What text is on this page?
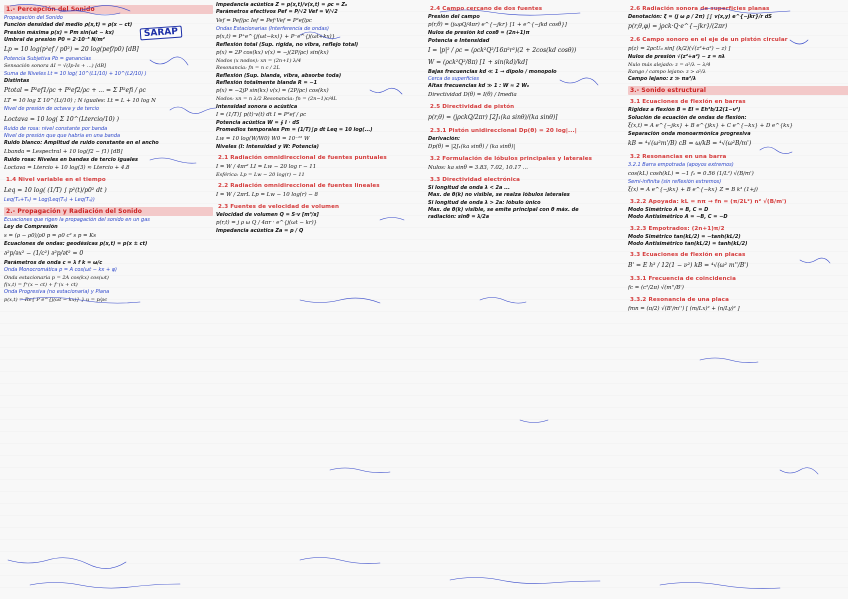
1.- Percepción del Sonido
Propagación del Sonido
Función densidad del medio ρ(x,t) = ρ(x − ct)
Presión máxima p(x) = Pm sin(ωt − kx)
Umbral de presión P0 = 2·10⁻⁵ N/m²
Lp = 10 log(p²ef / p0²) = 20 log(pef/p0) [dB]
Potencia Subjetiva Pb = ganancias
Sensación sonora ΔI = √(Ip·Is + ...) [dB]
Suma de Niveles Lt = 10 log( 10^(L1/10) + 10^(L2/10) )
Distintas
Ptotal = P²ef1/ρc + P²ef2/ρc + ... = Σ P²efi / ρc
LT = 10 log Σ 10^(Li/10) ; N iguales: Lt = L + 10 log N
Nivel de presión de octava y de tercio
Loctava = 10 log( Σ 10^(Ltercio/10) )
Ruido de rosa: nivel constante por banda
Nivel de presión que que habría en una banda
Ruido blanco: Amplitud de ruido constante en el ancho
Lbanda = Lespectral + 10 log(f2 − f1) [dB]
Ruido rosa: Niveles en bandas de tercio iguales
Loctava = Ltercio + 10 log(3) ≈ Ltercio + 4.8
1.4 Nivel variable en el tiempo
Leq = 10 log( (1/T) ∫ p²(t)/p0² dt )
Leq(Tₐ+T₀) = Log(Leq(T₀) + Leq(Tₐ))
2.- Propagación y Radiación del Sonido
Ecuaciones que rigen la propagación del sonido en un gas
Ley de Compresión
s = (ρ − ρ0)/ρ0 p = ρ0 c² s p = Ks
Ecuaciones de ondas: geodésicas p(x,t) = p(x ± ct)
∂²p/∂x² − (1/c²) ∂²p/∂t² = 0
Parámetros de onda c = λ f k = ω/c
Onda Monocromática p = A cos(ωt − kx + φ)
Onda estacionaria p = 2A cos(kx) cos(ωt)
f(x,t) = f⁺(x − ct) + f⁻(x + ct)
Onda Progresiva (no estacionaria) y Plana
p(x,t) = Re{ P e^{j(ωt − kx)} } u = p/ρc
Impedancia acústica Z = p(x,t)/v(x,t) = ρc = Z₀
Parámetros efectivos Pef = P/√2 Vef = V/√2
Vef = Pef/ρc Ief = Pef·Vef = P²ef/ρc
Ondas Estacionarias (Interferencia de ondas)
p(x,t) = P⁺e^{j(ωt−kx)} + P⁻e^{j(ωt+kx)}
Reflexión total (Sup. rígida, no vibra, reflejo total)
p(x) = 2P cos(kx) v(x) = −j(2P/ρc) sin(kx)
Nodos (x nodos): xn = (2n+1) λ/4
Resonancia: fn = n c / 2L
Reflexión (Sup. blanda, vibra, absorbe toda)
Reflexión totalmente blanda R = −1
p(x) = −2jP sin(kx) v(x) = (2P/ρc) cos(kx)
Nodos: xn = n λ/2 Resonancia: fn = (2n−1)c/4L
Intensidad sonora o acústica
I = (1/T)∫ p(t)·v(t) dt I = P²ef / ρc
Potencia acústica W = ∮ I · dS
Promedios temporales Pm = (1/T)∫p dt Leq = 10 log(...)
Lw = 10 log(W/W0) W0 = 10⁻¹² W
Niveles (I: Intensidad y W: Potencia)
2.1 Radiación omnidireccional de fuentes puntuales
I = W / 4πr² LI = Lw − 20 log r − 11
Esférica: Lp = Lw − 20 log(r) − 11
2.2 Radiación omnidireccional de fuentes lineales
I = W / 2πrL Lp = Lw − 10 log(r) − 8
2.3 Fuentes de velocidad de volumen
Velocidad de volumen Q = S·v [m³/s]
p(r,t) = j ρ ω Q / 4πr · e^{j(ωt − kr)}
Impedancia acústica Za = p / Q
2.4 Campo cercano de dos fuentes
Presión del campo
p(r,θ) = (jωρQ/4πr) e^{−jkr} [1 + e^{−jkd cosθ}]
Nulos de presión kd cosθ = (2n+1)π
Potencia e Intensidad
I = |p|² / ρc = (ρck²Q²/16π²r²)(2 + 2cos(kd cosθ))
W = (ρck²Q²/8π) [1 + sin(kd)/kd]
Bajas frecuencias kd ≪ 1 → dipolo / monopolo
Cerca de superficies
Altas frecuencias kd ≫ 1 : W ≈ 2 W₀
Directividad D(θ) = I(θ) / Imedia
2.5 Directividad de pistón
p(r,θ) = (jρckQ/2πr) [2J₁(ka sinθ)/(ka sinθ)]
2.3.1 Pistón unidireccional Dp(θ) = 20 log|...|
Derivación:
Dp(θ) = |2J₁(ka sinθ) / (ka sinθ)|
3.2 Formulación de lóbulos principales y laterales
Nulos: ka sinθ = 3.83, 7.02, 10.17 ...
3.3 Directividad electrónica
Si longitud de onda λ < 2a ...
Max. de θ(k) no visible, se realza lóbulos laterales
Si longitud de onda λ > 2a: lóbulo único
Max. de θ(k) visible, se emite principal con θ máx. de
radiación: sinθ = λ/2a
2.6 Radiación sonora de superficies planas
Denotación: ξ = (j ω ρ / 2π) ∫∫ v(x,y) e^{−jkr}/r dS
p(r,θ,φ) = jρck·Q·e^{−jkr}/(2πr)
2.6 Campo sonoro en el eje de un pistón circular
p(z) = 2ρcU₀ sin[ (k/2)(√(z²+a²) − z) ]
Nulos de presión √(z²+a²) − z = nλ
Nulo más alejado: z = a²/λ − λ/4
Rango / campo lejano: z > a²/λ
Campo lejano: z ≫ πa²/λ
3.- Sonido estructural
3.1 Ecuaciones de flexión en barras
Rigidez a flexión B = EI = Eh³b/12(1−ν²)
Solución de ecuación de ondas de flexión:
ξ(x,t) = A e^{−jkx} + B e^{jkx} + C e^{−kx} + D e^{kx}
Separación onda monoarmónica progresiva
kB = ⁴√(ω²m'/B) cB = ω/kB = ⁴√(ω²B/m')
3.2 Resonancias en una barra
3.2.1 Barra empotrada (apoyos extremos)
cos(kL) cosh(kL) = −1 f₁ = 0.56 (1/L²) √(B/m')
Semi-infinita (sin reflexión extremos)
ξ(x) = A e^{−jkx} + B e^{−kx} Z = B k³ (1+j)
3.2.2 Apoyada: kL = nπ → fn = (π/2L²) n² √(B/m')
Modo Simétrico A = B, C = D
Modo Antisimétrico A = −B, C = −D
3.2.3 Empotrados: (2n+1)π/2
Modo Simétrico tan(kL/2) = −tanh(kL/2)
Modo Antisimétrico tan(kL/2) = tanh(kL/2)
3.3 Ecuaciones de flexión en placas
B' = E h³ / 12(1 − ν²) kB = ⁴√(ω² m''/B')
3.3.1 Frecuencia de coincidencia
fc = (c²/2π) √(m''/B')
3.3.2 Resonancia de una placa
fmn = (π/2) √(B'/m'') [ (m/Lx)² + (n/Ly)² ]
SARAP
